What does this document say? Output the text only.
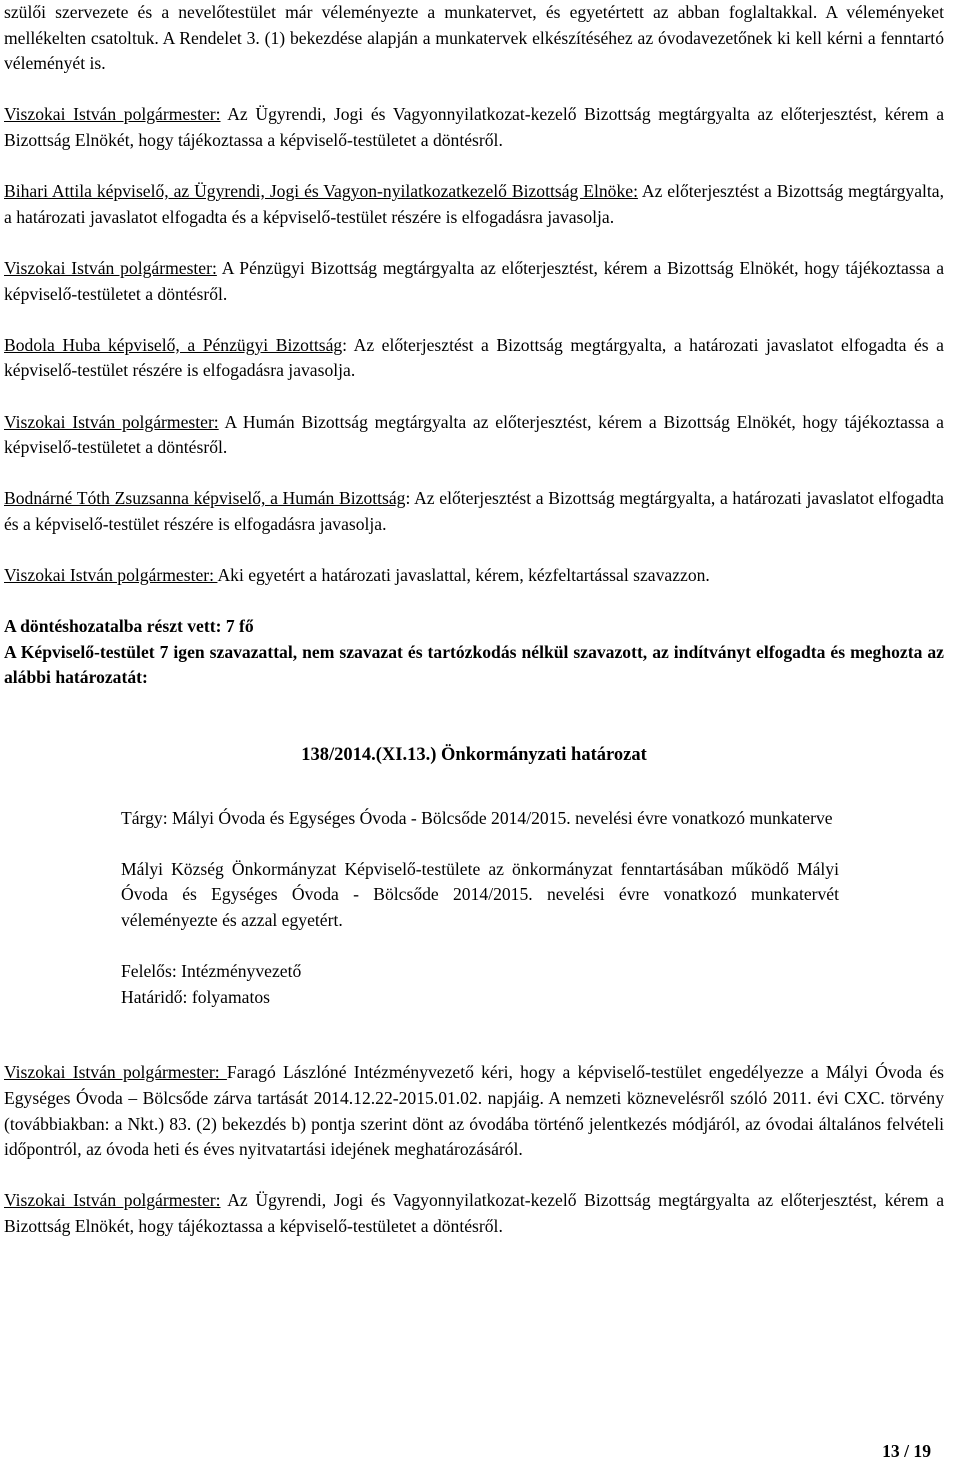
szülői szervezete és a nevelőtestület már véleményezte a munkatervet, és egyetértett az abban foglaltakkal. A véleményeket mellékelten csatoltuk. A Rendelet 3. (1) bekezdése alapján a munkatervek elkészítéséhez az óvodavezetőnek ki kell kérni a fenntartó véleményét is.

Viszokai István polgármester: Az Ügyrendi, Jogi és Vagyonnyilatkozat-kezelő Bizottság megtárgyalta az előterjesztést, kérem a Bizottság Elnökét, hogy tájékoztassa a képviselő-testületet a döntésről.

Bihari Attila képviselő, az Ügyrendi, Jogi és Vagyon-nyilatkozatkezelő Bizottság Elnöke: Az előterjesztést a Bizottság megtárgyalta, a határozati javaslatot elfogadta és a képviselő-testület részére is elfogadásra javasolja.

Viszokai István polgármester: A Pénzügyi Bizottság megtárgyalta az előterjesztést, kérem a Bizottság Elnökét, hogy tájékoztassa a képviselő-testületet a döntésről.

Bodola Huba képviselő, a Pénzügyi Bizottság: Az előterjesztést a Bizottság megtárgyalta, a határozati javaslatot elfogadta és a képviselő-testület részére is elfogadásra javasolja.

Viszokai István polgármester: A Humán Bizottság megtárgyalta az előterjesztést, kérem a Bizottság Elnökét, hogy tájékoztassa a képviselő-testületet a döntésről.

Bodnárné Tóth Zsuzsanna képviselő, a Humán Bizottság: Az előterjesztést a Bizottság megtárgyalta, a határozati javaslatot elfogadta és a képviselő-testület részére is elfogadásra javasolja.

Viszokai István polgármester: Aki egyetért a határozati javaslattal, kérem, kézfeltartással szavazzon.

A döntéshozatalba részt vett: 7 fő

A Képviselő-testület 7 igen szavazattal, nem szavazat és tartózkodás nélkül szavazott, az indítványt elfogadta és meghozta az alábbi határozatát:

138/2014.(XI.13.) Önkormányzati határozat

Tárgy: Mályi Óvoda és Egységes Óvoda - Bölcsőde 2014/2015. nevelési évre vonatkozó munkaterve

Mályi Község Önkormányzat Képviselő-testülete az önkormányzat fenntartásában működő Mályi Óvoda és Egységes Óvoda - Bölcsőde 2014/2015. nevelési évre vonatkozó munkatervét véleményezte és azzal egyetért.

Felelős: Intézményvezető

Határidő: folyamatos

Viszokai István polgármester: Faragó Lászlóné Intézményvezető kéri, hogy a képviselő-testület engedélyezze a Mályi Óvoda és Egységes Óvoda – Bölcsőde zárva tartását 2014.12.22-2015.01.02. napjáig. A nemzeti köznevelésről szóló 2011. évi CXC. törvény (továbbiakban: a Nkt.) 83. (2) bekezdés b) pontja szerint dönt az óvodába történő jelentkezés módjáról, az óvodai általános felvételi időpontról, az óvoda heti és éves nyitvatartási idejének meghatározásáról.

Viszokai István polgármester: Az Ügyrendi, Jogi és Vagyonnyilatkozat-kezelő Bizottság megtárgyalta az előterjesztést, kérem a Bizottság Elnökét, hogy tájékoztassa a képviselő-testületet a döntésről.

13 / 19
